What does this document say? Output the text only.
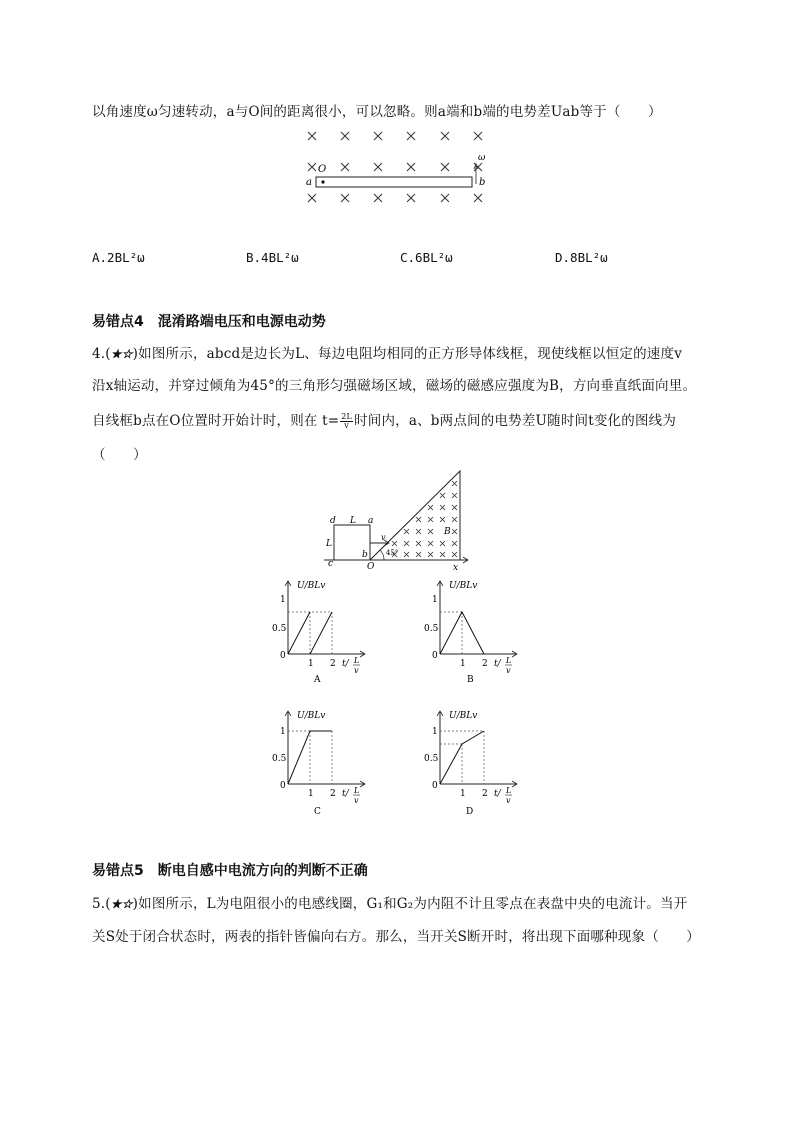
以角速度ω匀速转动，a与O间的距离很小，可以忽略。则a端和b端的电势差Uab等于（　　）
O
a	b
ω
A.2BL²ω	B.4BL²ω	C.6BL²ω	D.8BL²ω
易错点4　混淆路端电压和电源电动势
4.(★☆)如图所示，abcd是边长为L、每边电阻均相同的正方形导体线框，现使线框以恒定的速度v
沿x轴运动，并穿过倾角为45°的三角形匀强磁场区域，磁场的磁感应强度为B，方向垂直纸面向里。
自线框b点在O位置时开始计时，则在 $t= \frac{2L}{v}$ 时间内，a、b两点间的电势差U随时间t变化的图线为
（　　）
d L a
L
c
b
O
v
45°
B
x
U/BLv
1
0.5
0
1 2 t/ L
v
A
U/BLv
1
0.5
0
1 2 t/ L
v
B
U/BLv
1
0.5
0
1 2 t/ L
v
C
U/BLv
1
0.5
0
1 2 t/ L
v
D
易错点5　断电自感中电流方向的判断不正确
5.(★☆)如图所示，L为电阻很小的电感线圈，G₁和G₂为内阻不计且零点在表盘中央的电流计。当开
关S处于闭合状态时，两表的指针皆偏向右方。那么，当开关S断开时，将出现下面哪种现象（　　）
